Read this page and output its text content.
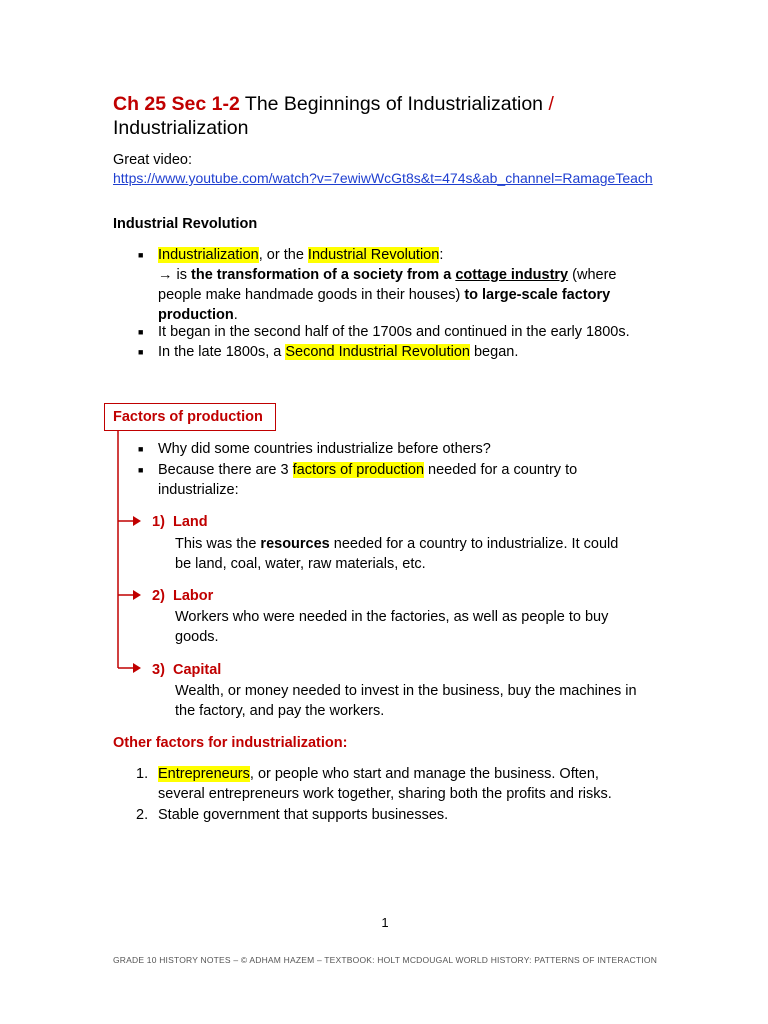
Ch 25 Sec 1-2 The Beginnings of Industrialization /
Industrialization
Great video:
https://www.youtube.com/watch?v=7ewiwWcGt8s&t=474s&ab_channel=RamageTeach
Industrial Revolution
■ Industrialization, or the Industrial Revolution:
→ is the transformation of a society from a cottage industry (where
people make handmade goods in their houses) to large-scale factory
production.
■ It began in the second half of the 1700s and continued in the early 1800s.
■ In the late 1800s, a Second Industrial Revolution began.
Factors of production
■ Why did some countries industrialize before others?
■ Because there are 3 factors of production needed for a country to
industrialize:
1) Land
This was the resources needed for a country to industrialize. It could
be land, coal, water, raw materials, etc.
2) Labor
Workers who were needed in the factories, as well as people to buy
goods.
3) Capital
Wealth, or money needed to invest in the business, buy the machines in
the factory, and pay the workers.
Other factors for industrialization:
1. Entrepreneurs, or people who start and manage the business. Often,
several entrepreneurs work together, sharing both the profits and risks.
2. Stable government that supports businesses.
1
GRADE 10 HISTORY NOTES – © ADHAM HAZEM – TEXTBOOK: HOLT MCDOUGAL WORLD HISTORY: PATTERNS OF INTERACTION
